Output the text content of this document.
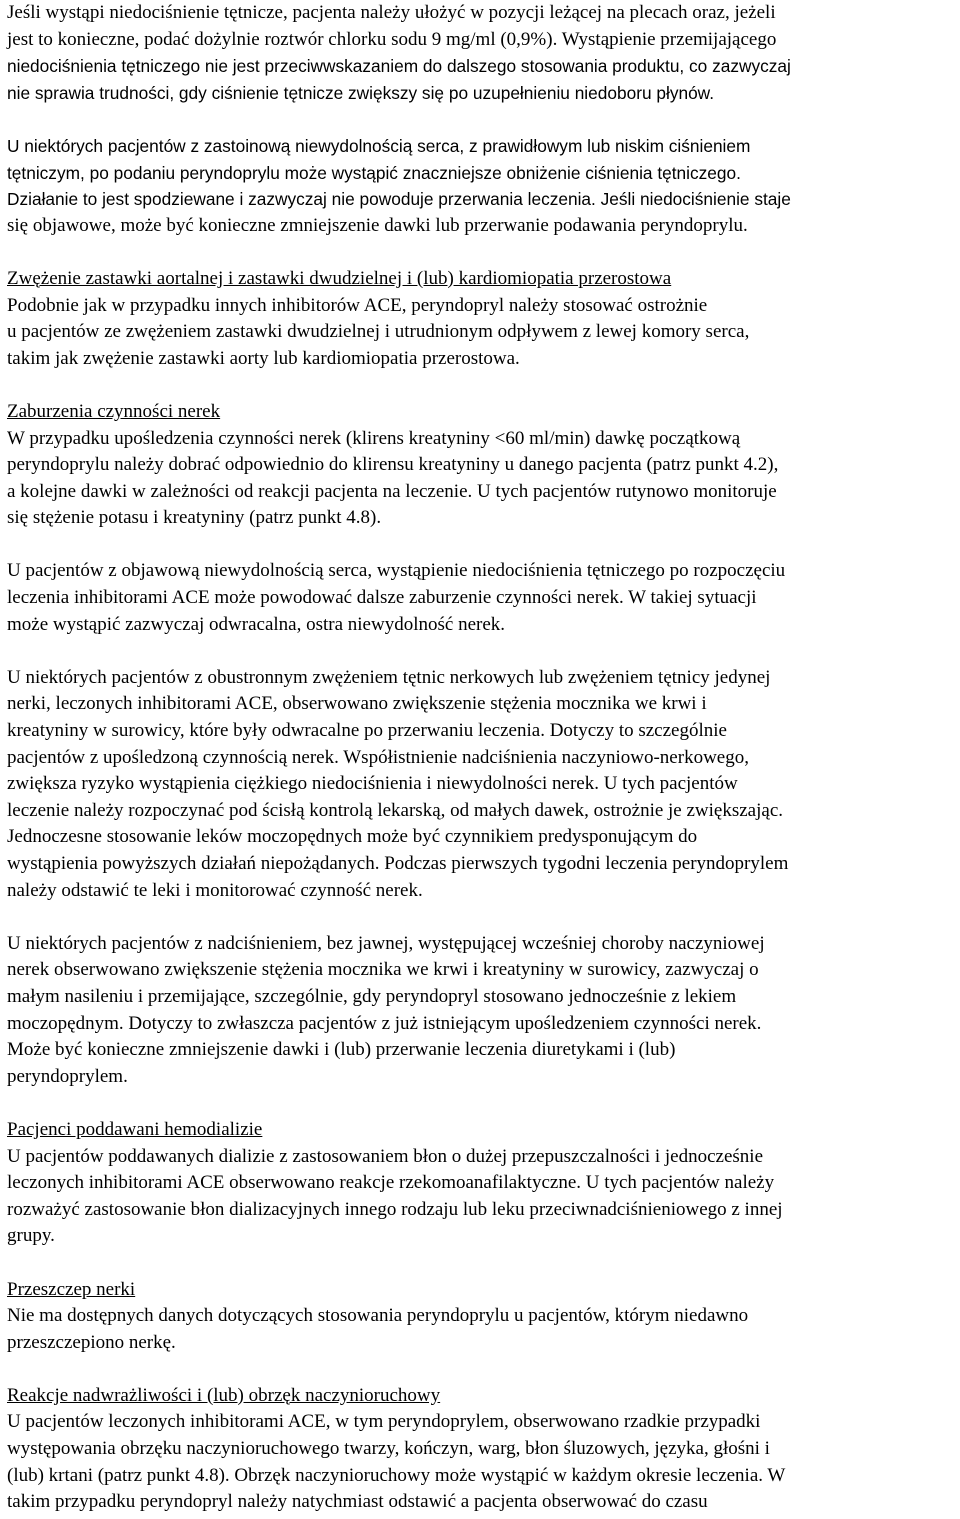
Jeśli wystąpi niedociśnienie tętnicze, pacjenta należy ułożyć w pozycji leżącej na plecach oraz, jeżeli
jest to konieczne, podać dożylnie roztwór chlorku sodu 9 mg/ml (0,9%). Wystąpienie przemijającego
niedociśnienia tętniczego nie jest przeciwwskazaniem do dalszego stosowania produktu, co zazwyczaj
nie sprawia trudności, gdy ciśnienie tętnicze zwiększy się po uzupełnieniu niedoboru płynów.
U niektórych pacjentów z zastoinową niewydolnością serca, z prawidłowym lub niskim ciśnieniem
tętniczym, po podaniu peryndoprylu może wystąpić znaczniejsze obniżenie ciśnienia tętniczego.
Działanie to jest spodziewane i zazwyczaj nie powoduje przerwania leczenia. Jeśli niedociśnienie staje
się objawowe, może być konieczne zmniejszenie dawki lub przerwanie podawania peryndoprylu.
Zwężenie zastawki aortalnej i zastawki dwudzielnej i (lub) kardiomiopatia przerostowa
Podobnie jak w przypadku innych inhibitorów ACE, peryndopryl należy stosować ostrożnie
u pacjentów ze zwężeniem zastawki dwudzielnej i utrudnionym odpływem z lewej komory serca,
takim jak zwężenie zastawki aorty lub kardiomiopatia przerostowa.
Zaburzenia czynności nerek
W przypadku upośledzenia czynności nerek (klirens kreatyniny <60 ml/min) dawkę początkową
peryndoprylu należy dobrać odpowiednio do klirensu kreatyniny u danego pacjenta (patrz punkt 4.2),
a kolejne dawki w zależności od reakcji pacjenta na leczenie. U tych pacjentów rutynowo monitoruje
się stężenie potasu i kreatyniny (patrz punkt 4.8).
U pacjentów z objawową niewydolnością serca, wystąpienie niedociśnienia tętniczego po rozpoczęciu
leczenia inhibitorami ACE może powodować dalsze zaburzenie czynności nerek. W takiej sytuacji
może wystąpić zazwyczaj odwracalna, ostra niewydolność nerek.
U niektórych pacjentów z obustronnym zwężeniem tętnic nerkowych lub zwężeniem tętnicy jedynej
nerki, leczonych inhibitorami ACE, obserwowano zwiększenie stężenia mocznika we krwi i
kreatyniny w surowicy, które były odwracalne po przerwaniu leczenia. Dotyczy to szczególnie
pacjentów z upośledzoną czynnością nerek. Współistnienie nadciśnienia naczyniowo-nerkowego,
zwiększa ryzyko wystąpienia ciężkiego niedociśnienia i niewydolności nerek. U tych pacjentów
leczenie należy rozpoczynać pod ścisłą kontrolą lekarską, od małych dawek, ostrożnie je zwiększając.
Jednoczesne stosowanie leków moczopędnych może być czynnikiem predysponującym do
wystąpienia powyższych działań niepożądanych. Podczas pierwszych tygodni leczenia peryndoprylem
należy odstawić te leki i monitorować czynność nerek.
U niektórych pacjentów z nadciśnieniem, bez jawnej, występującej wcześniej choroby naczyniowej
nerek obserwowano zwiększenie stężenia mocznika we krwi i kreatyniny w surowicy, zazwyczaj o
małym nasileniu i przemijające, szczególnie, gdy peryndopryl stosowano jednocześnie z lekiem
moczopędnym. Dotyczy to zwłaszcza pacjentów z już istniejącym upośledzeniem czynności nerek.
Może być konieczne zmniejszenie dawki i (lub) przerwanie leczenia diuretykami i (lub)
peryndoprylem.
Pacjenci poddawani hemodializie
U pacjentów poddawanych dializie z zastosowaniem błon o dużej przepuszczalności i jednocześnie
leczonych inhibitorami ACE obserwowano reakcje rzekomoanafilaktyczne. U tych pacjentów należy
rozważyć zastosowanie błon dializacyjnych innego rodzaju lub leku przeciwnadciśnieniowego z innej
grupy.
Przeszczep nerki
Nie ma dostępnych danych dotyczących stosowania peryndoprylu u pacjentów, którym niedawno
przeszczepiono nerkę.
Reakcje nadwrażliwości i (lub) obrzęk naczynioruchowy
U pacjentów leczonych inhibitorami ACE, w tym peryndoprylem, obserwowano rzadkie przypadki
występowania obrzęku naczynioruchowego twarzy, kończyn, warg, błon śluzowych, języka, głośni i
(lub) krtani (patrz punkt 4.8). Obrzęk naczynioruchowy może wystąpić w każdym okresie leczenia. W
takim przypadku peryndopryl należy natychmiast odstawić a pacjenta obserwować do czasu
